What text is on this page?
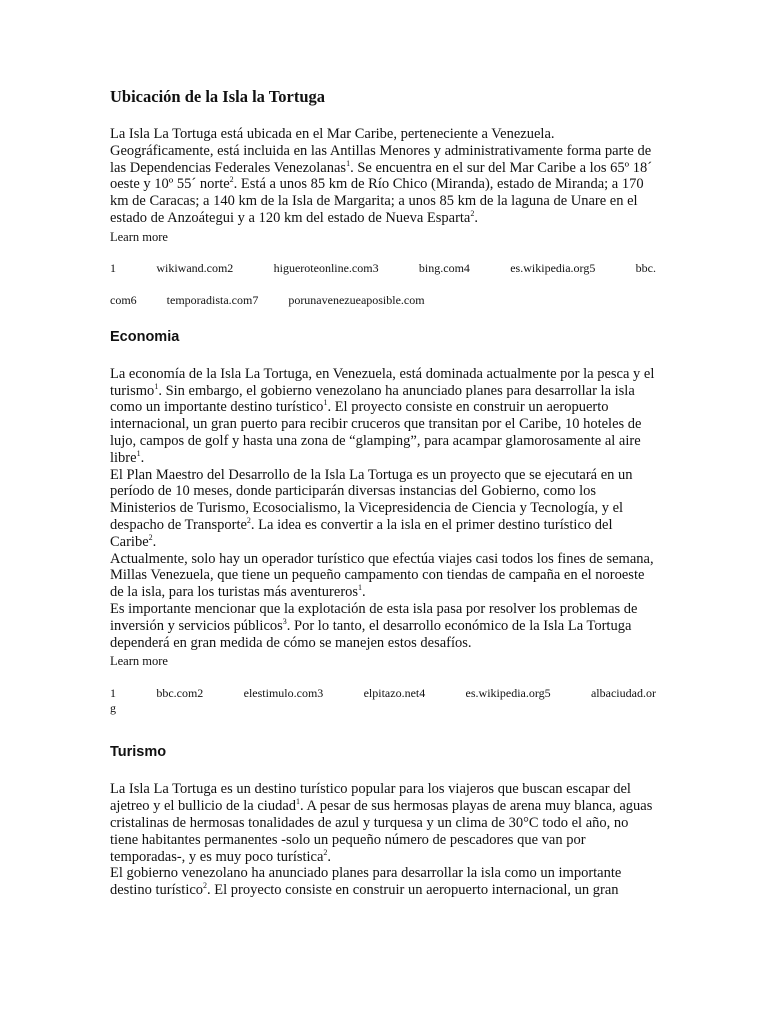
Ubicación de la Isla la Tortuga

La Isla La Tortuga está ubicada en el Mar Caribe, perteneciente a Venezuela. Geográficamente, está incluida en las Antillas Menores y administrativamente forma parte de las Dependencias Federales Venezolanas$^1$. Se encuentra en el sur del Mar Caribe a los 65º 18´ oeste y 10º 55´ norte$^2$. Está a unos 85 km de Río Chico (Miranda), estado de Miranda; a 170 km de Caracas; a 140 km de la Isla de Margarita; a unos 85 km de la laguna de Unare en el estado de Anzoátegui y a 120 km del estado de Nueva Esparta$^2$.

Learn more
1	wikiwand.com2	higueroteonline.com3	bing.com4	es.wikipedia.org5	bbc.
com6	temporadista.com7	porunavenezueaposible.com
Economia

La economía de la Isla La Tortuga, en Venezuela, está dominada actualmente por la pesca y el turismo$^1$. Sin embargo, el gobierno venezolano ha anunciado planes para desarrollar la isla como un importante destino turístico$^1$. El proyecto consiste en construir un aeropuerto internacional, un gran puerto para recibir cruceros que transitan por el Caribe, 10 hoteles de lujo, campos de golf y hasta una zona de “glamping”, para acampar glamorosamente al aire libre$^1$.

El Plan Maestro del Desarrollo de la Isla La Tortuga es un proyecto que se ejecutará en un período de 10 meses, donde participarán diversas instancias del Gobierno, como los Ministerios de Turismo, Ecosocialismo, la Vicepresidencia de Ciencia y Tecnología, y el despacho de Transporte$^2$. La idea es convertir a la isla en el primer destino turístico del Caribe$^2$.

Actualmente, solo hay un operador turístico que efectúa viajes casi todos los fines de semana, Millas Venezuela, que tiene un pequeño campamento con tiendas de campaña en el noroeste de la isla, para los turistas más aventureros$^1$.

Es importante mencionar que la explotación de esta isla pasa por resolver los problemas de inversión y servicios públicos$^3$. Por lo tanto, el desarrollo económico de la Isla La Tortuga dependerá en gran medida de cómo se manejen estos desafíos.

Learn more
1	bbc.com2	elestimulo.com3	elpitazo.net4	es.wikipedia.org5	albaciudad.or
g
Turismo

La Isla La Tortuga es un destino turístico popular para los viajeros que buscan escapar del ajetreo y el bullicio de la ciudad$^1$. A pesar de sus hermosas playas de arena muy blanca, aguas cristalinas de hermosas tonalidades de azul y turquesa y un clima de 30°C todo el año, no tiene habitantes permanentes -solo un pequeño número de pescadores que van por temporadas-, y es muy poco turística$^2$.

El gobierno venezolano ha anunciado planes para desarrollar la isla como un importante destino turístico$^2$. El proyecto consiste en construir un aeropuerto internacional, un gran
